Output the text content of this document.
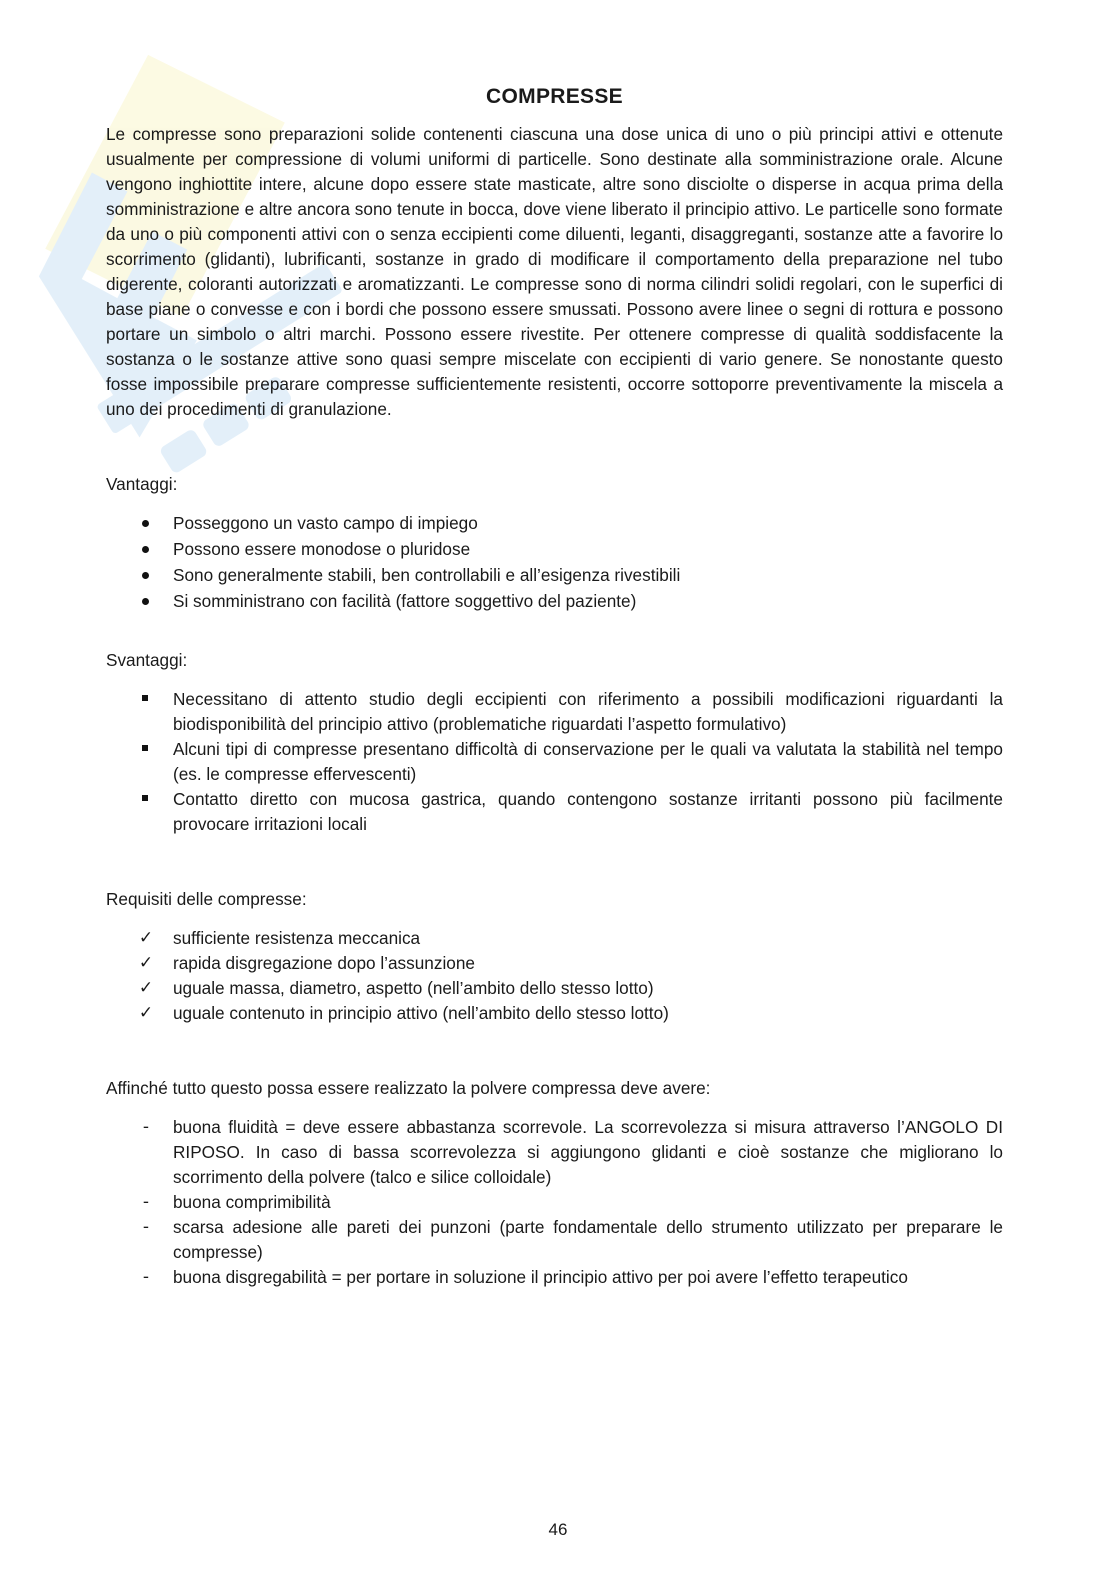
COMPRESSE

Le compresse sono preparazioni solide contenenti ciascuna una dose unica di uno o più principi attivi e ottenute usualmente per compressione di volumi uniformi di particelle. Sono destinate alla somministrazione orale. Alcune vengono inghiottite intere, alcune dopo essere state masticate, altre sono disciolte o disperse in acqua prima della somministrazione e altre ancora sono tenute in bocca, dove viene liberato il principio attivo. Le particelle sono formate da uno o più componenti attivi con o senza eccipienti come diluenti, leganti, disaggreganti, sostanze atte a favorire lo scorrimento (glidanti), lubrificanti, sostanze in grado di modificare il comportamento della preparazione nel tubo digerente, coloranti autorizzati e aromatizzanti. Le compresse sono di norma cilindri solidi regolari, con le superfici di base piane o convesse e con i bordi che possono essere smussati. Possono avere linee o segni di rottura e possono portare un simbolo o altri marchi. Possono essere rivestite. Per ottenere compresse di qualità soddisfacente la sostanza o le sostanze attive sono quasi sempre miscelate con eccipienti di vario genere. Se nonostante questo fosse impossibile preparare compresse sufficientemente resistenti, occorre sottoporre preventivamente la miscela a uno dei procedimenti di granulazione.

Vantaggi:

Posseggono un vasto campo di impiego
Possono essere monodose o pluridose
Sono generalmente stabili, ben controllabili e all’esigenza rivestibili
Si somministrano con facilità (fattore soggettivo del paziente)

Svantaggi:

Necessitano di attento studio degli eccipienti con riferimento a possibili modificazioni riguardanti la biodisponibilità del principio attivo (problematiche riguardati l’aspetto formulativo)
Alcuni tipi di compresse presentano difficoltà di conservazione per le quali va valutata la stabilità nel tempo (es. le compresse effervescenti)
Contatto diretto con mucosa gastrica, quando contengono sostanze irritanti possono più facilmente provocare irritazioni locali

Requisiti delle compresse:

✓ sufficiente resistenza meccanica
✓ rapida disgregazione dopo l’assunzione
✓ uguale massa, diametro, aspetto (nell’ambito dello stesso lotto)
✓ uguale contenuto in principio attivo (nell’ambito dello stesso lotto)

Affinché tutto questo possa essere realizzato la polvere compressa deve avere:

-	buona fluidità = deve essere abbastanza scorrevole. La scorrevolezza si misura attraverso l’ANGOLO DI RIPOSO. In caso di bassa scorrevolezza si aggiungono glidanti e cioè sostanze che migliorano lo scorrimento della polvere (talco e silice colloidale)
-	buona comprimibilità
-	scarsa adesione alle pareti dei punzoni (parte fondamentale dello strumento utilizzato per preparare le compresse)
-	buona disgregabilità = per portare in soluzione il principio attivo per poi avere l’effetto terapeutico
46
